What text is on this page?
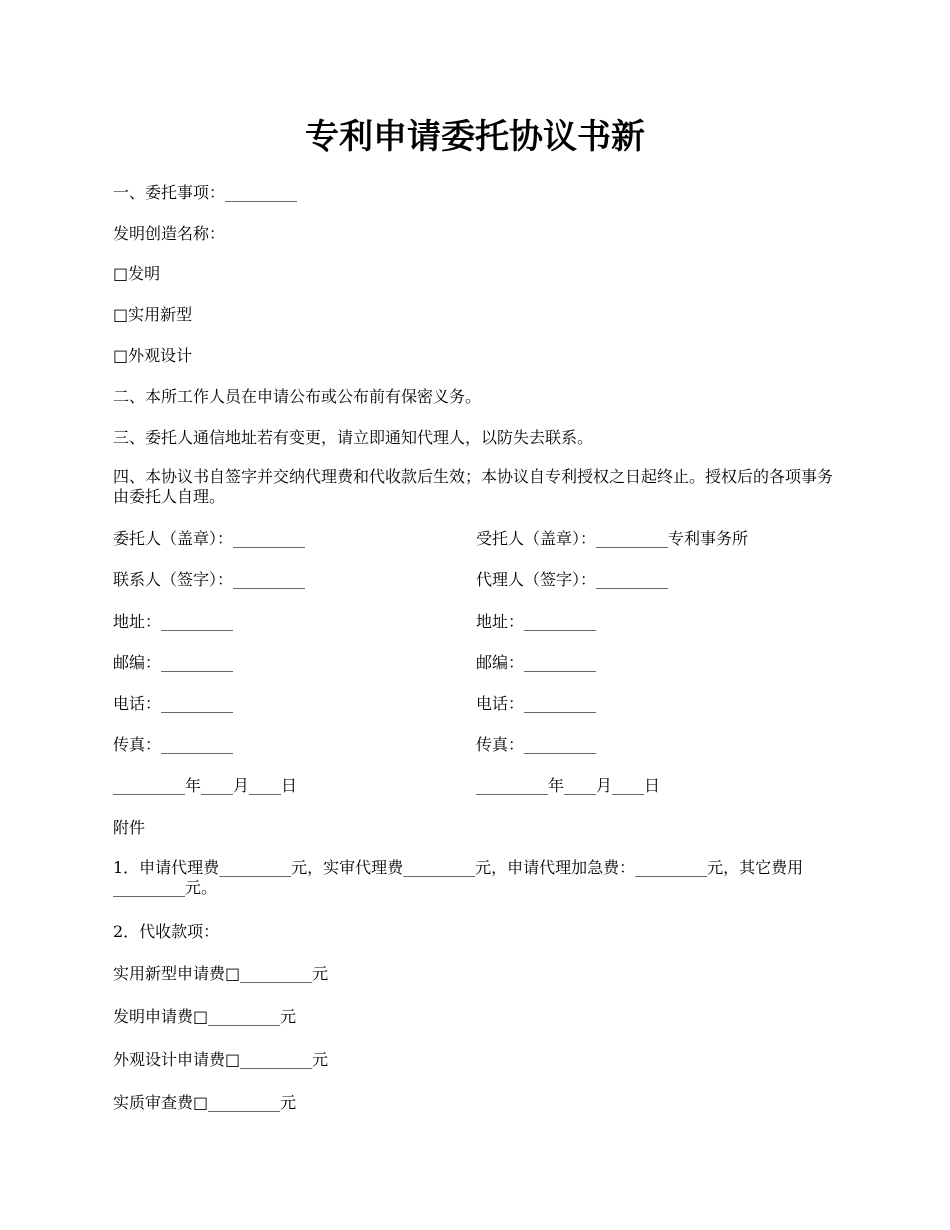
专利申请委托协议书新
一、委托事项：_________
发明创造名称：
□发明
□实用新型
□外观设计
二、本所工作人员在申请公布或公布前有保密义务。
三、委托人通信地址若有变更，请立即通知代理人，以防失去联系。
四、本协议书自签字并交纳代理费和代收款后生效；本协议自专利授权之日起终止。授权后的各项事务由委托人自理。
委托人（盖章）：_________	受托人（盖章）：_________专利事务所
联系人（签字）：_________	代理人（签字）：_________
地址：_________	地址：_________
邮编：_________	邮编：_________
电话：_________	电话：_________
传真：_________	传真：_________
_________年____月____日	_________年____月____日
附件
1．申请代理费_________元，实审代理费_________元，申请代理加急费：_________元，其它费用_________元。
2．代收款项：
实用新型申请费□_________元
发明申请费□_________元
外观设计申请费□_________元
实质审查费□_________元
